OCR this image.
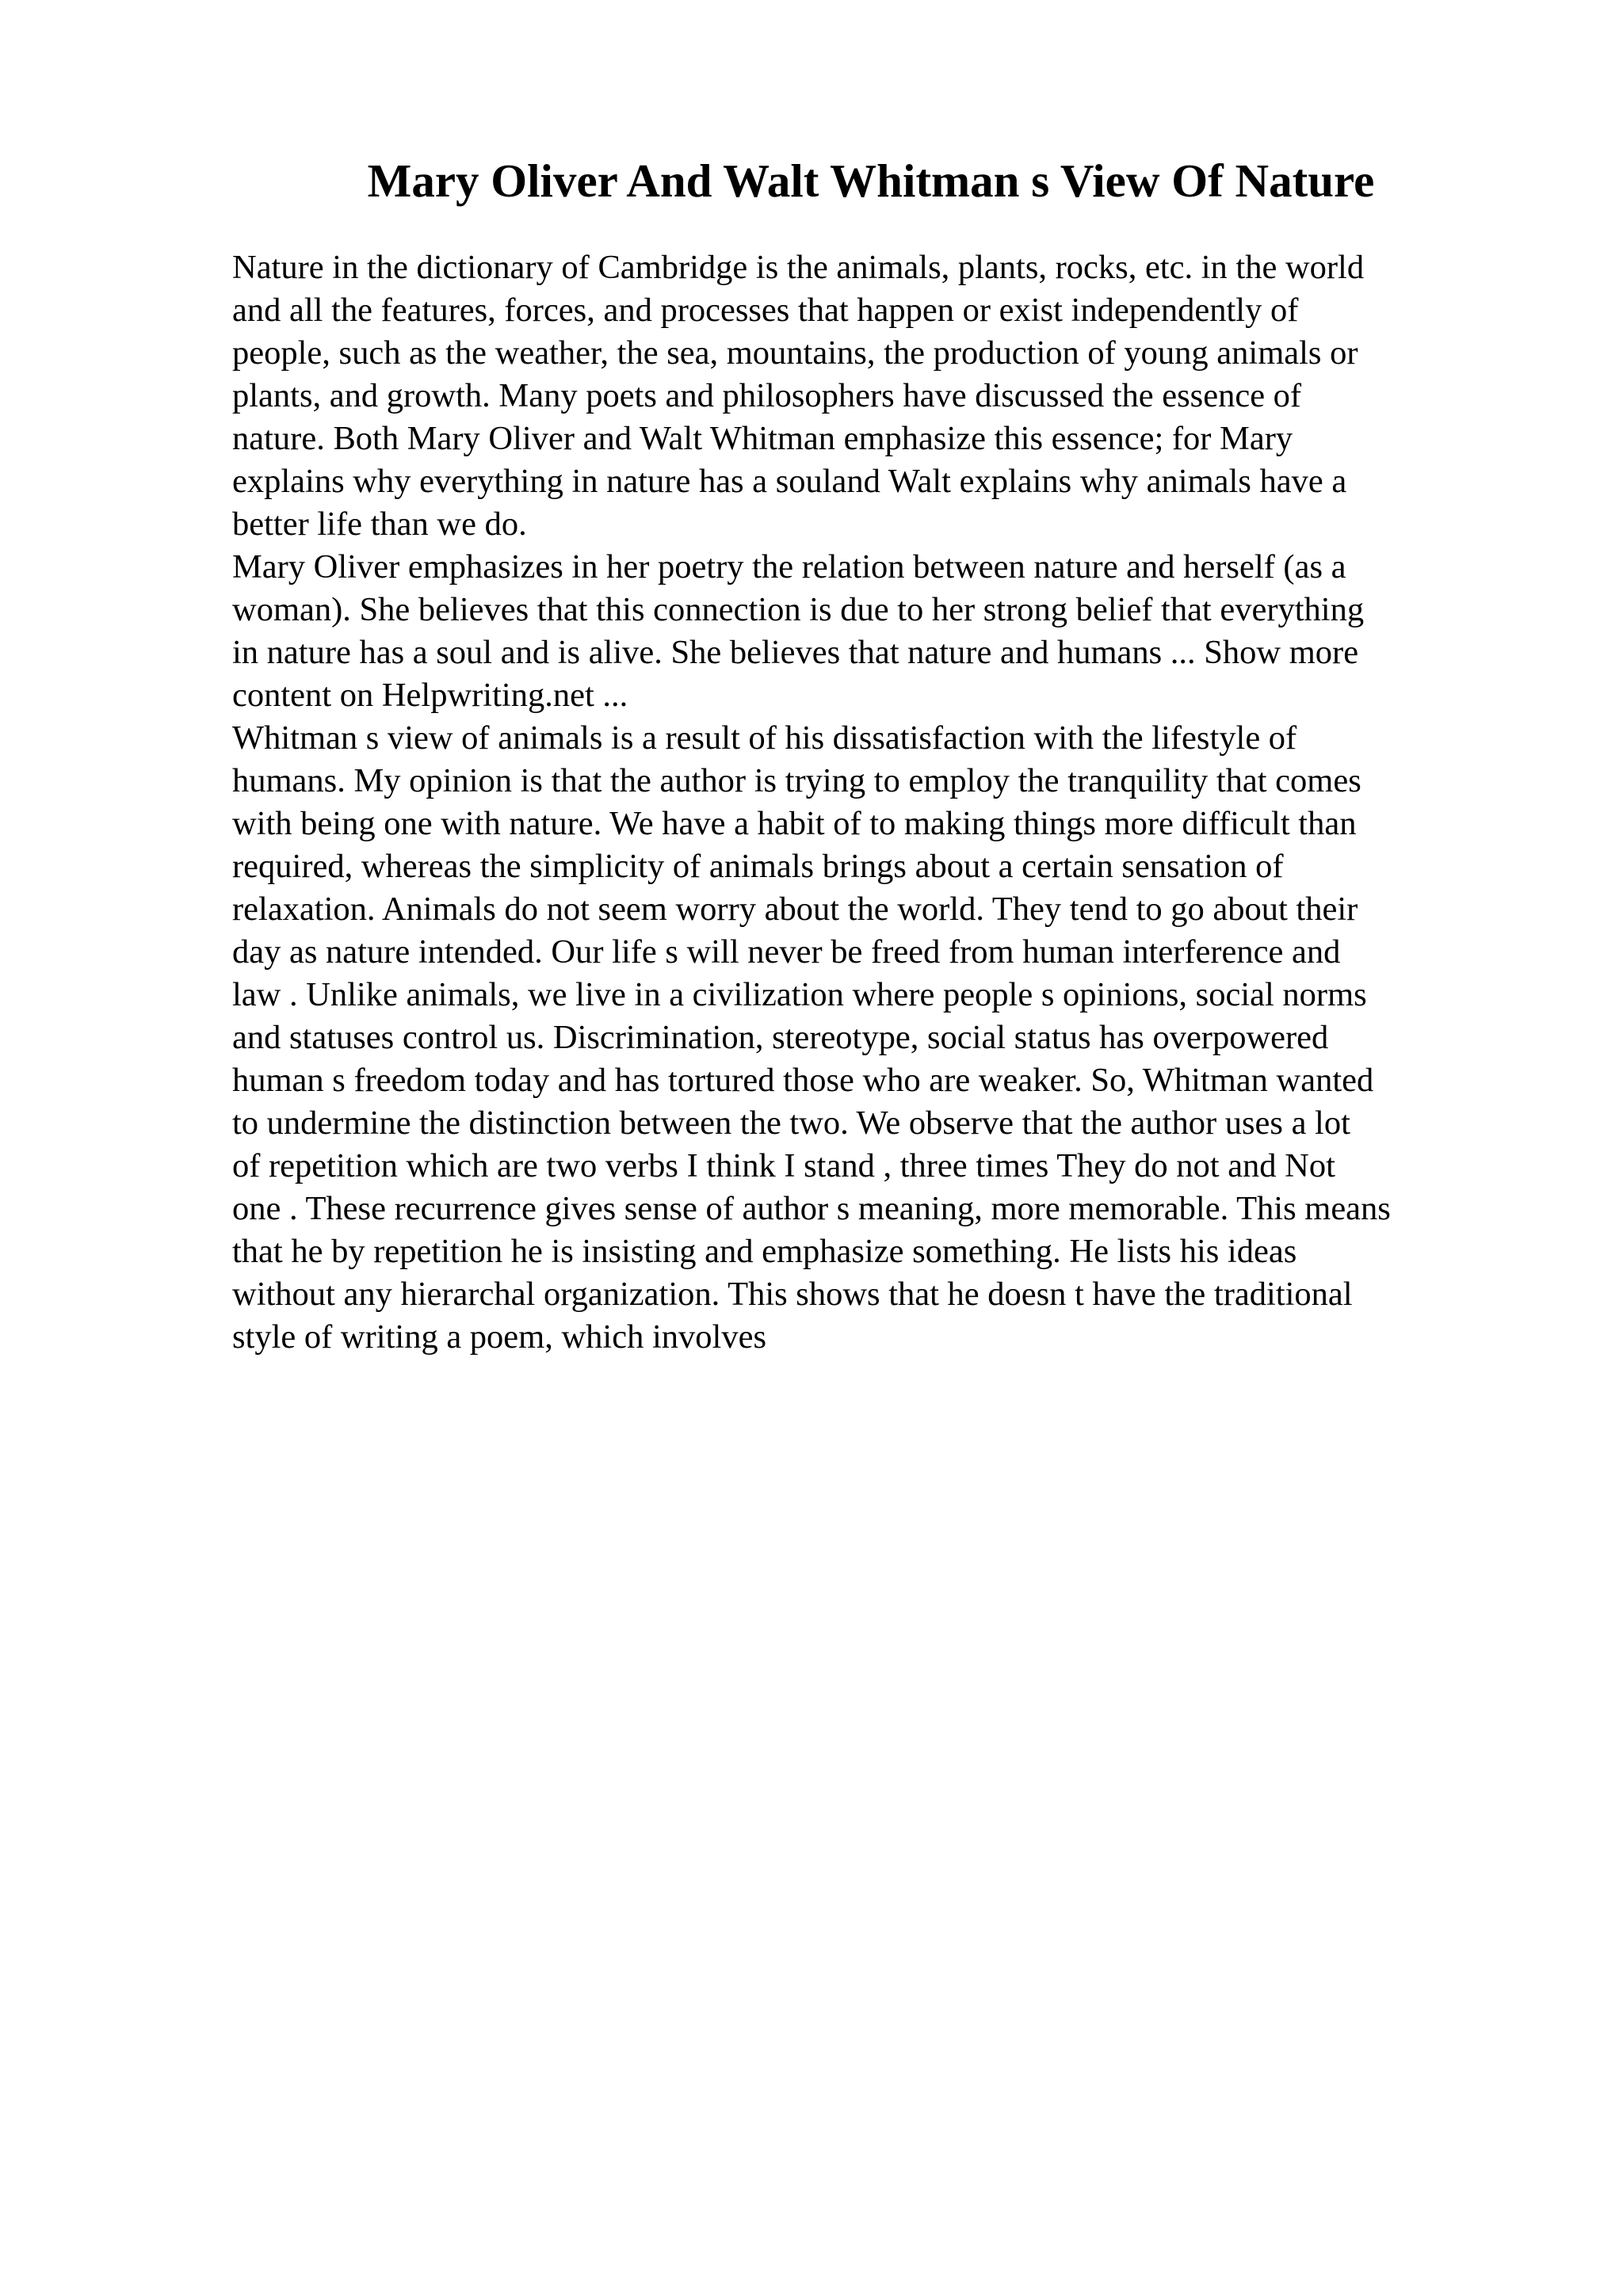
Mary Oliver And Walt Whitman s View Of Nature

Nature in the dictionary of Cambridge is the animals, plants, rocks, etc. in the world
and all the features, forces, and processes that happen or exist independently of
people, such as the weather, the sea, mountains, the production of young animals or
plants, and growth. Many poets and philosophers have discussed the essence of
nature. Both Mary Oliver and Walt Whitman emphasize this essence; for Mary
explains why everything in nature has a souland Walt explains why animals have a
better life than we do.

Mary Oliver emphasizes in her poetry the relation between nature and herself (as a
woman). She believes that this connection is due to her strong belief that everything
in nature has a soul and is alive. She believes that nature and humans ... Show more
content on Helpwriting.net ...

Whitman s view of animals is a result of his dissatisfaction with the lifestyle of
humans. My opinion is that the author is trying to employ the tranquility that comes
with being one with nature. We have a habit of to making things more difficult than
required, whereas the simplicity of animals brings about a certain sensation of
relaxation. Animals do not seem worry about the world. They tend to go about their
day as nature intended. Our life s will never be freed from human interference and
law . Unlike animals, we live in a civilization where people s opinions, social norms
and statuses control us. Discrimination, stereotype, social status has overpowered
human s freedom today and has tortured those who are weaker. So, Whitman wanted
to undermine the distinction between the two. We observe that the author uses a lot
of repetition which are two verbs I think I stand , three times They do not and Not
one . These recurrence gives sense of author s meaning, more memorable. This means
that he by repetition he is insisting and emphasize something. He lists his ideas
without any hierarchal organization. This shows that he doesn t have the traditional
style of writing a poem, which involves
